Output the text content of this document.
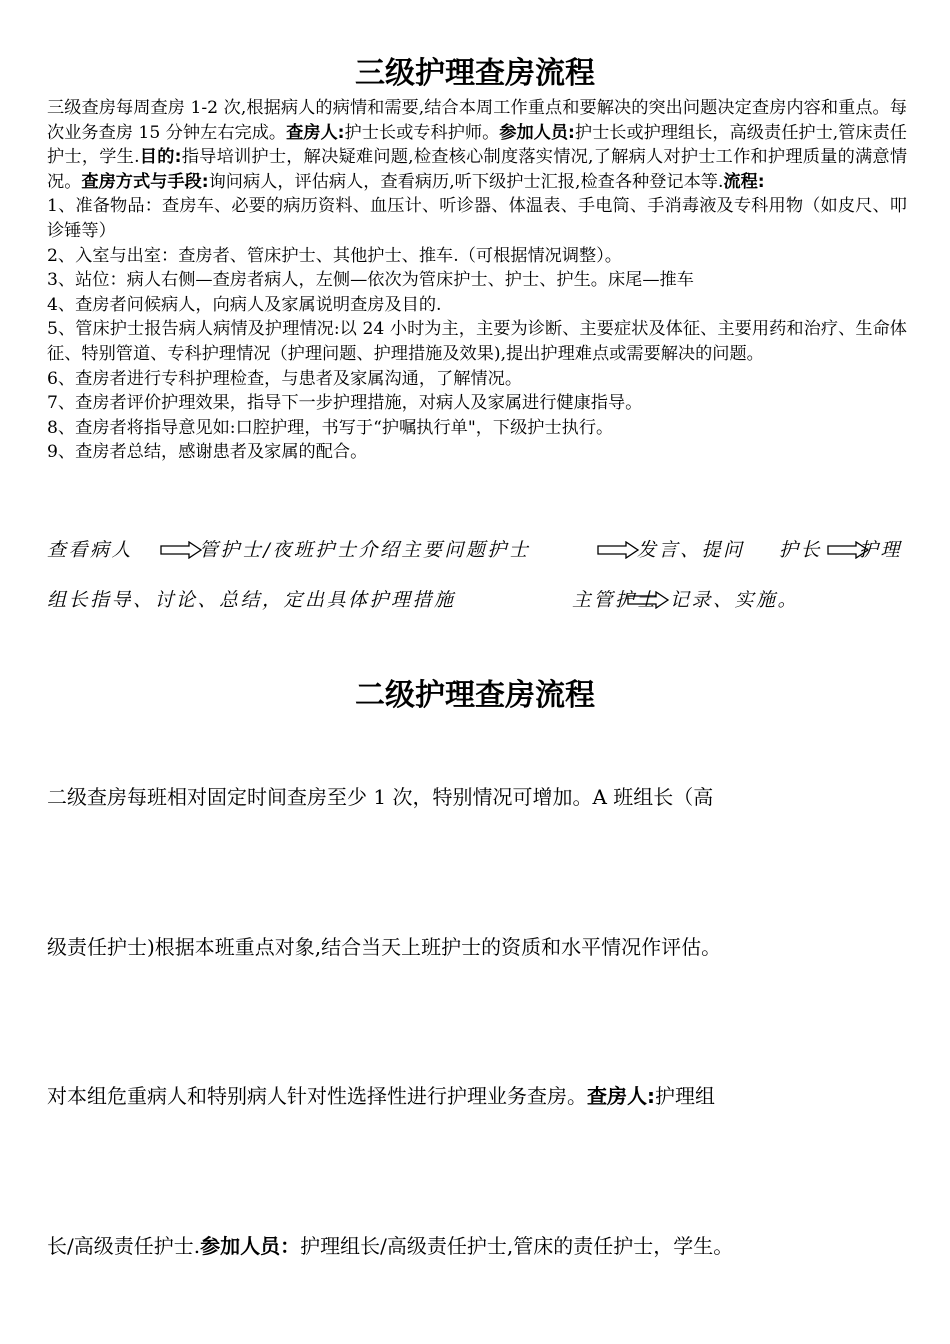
三级护理查房流程

三级查房每周查房 1-2 次,根据病人的病情和需要,结合本周工作重点和要解决的突出问题决定查房内容和重点。每次业务查房 15 分钟左右完成。查房人:护士长或专科护师。参加人员:护士长或护理组长，高级责任护士,管床责任护士，学生.目的:指导培训护士，解决疑难问题,检查核心制度落实情况,了解病人对护士工作和护理质量的满意情况。查房方式与手段:询问病人，评估病人，查看病历,听下级护士汇报,检查各种登记本等.流程:

1、准备物品：查房车、必要的病历资料、血压计、听诊器、体温表、手电筒、手消毒液及专科用物（如皮尺、叩诊锤等）
2、入室与出室：查房者、管床护士、其他护士、推车.（可根据情况调整）。
3、站位：病人右侧—查房者病人，左侧—依次为管床护士、护士、护生。床尾—推车
4、查房者问候病人，向病人及家属说明查房及目的.
5、管床护士报告病人病情及护理情况:以 24 小时为主，主要为诊断、主要症状及体征、主要用药和治疗、生命体征、特别管道、专科护理情况（护理问题、护理措施及效果),提出护理难点或需要解决的问题。
6、查房者进行专科护理检查，与患者及家属沟通，了解情况。
7、查房者评价护理效果，指导下一步护理措施，对病人及家属进行健康指导。
8、查房者将指导意见如:口腔护理，书写于“护嘱执行单"，下级护士执行。
9、查房者总结，感谢患者及家属的配合。
查看病人	管护士/夜班护士介绍主要问题护士	发言、提问 护长 护理
组长指导、讨论、总结，定出具体护理措施	主管护士 记录、实施。
二级护理查房流程
二级查房每班相对固定时间查房至少 1 次，特别情况可增加。A 班组长（高
级责任护士)根据本班重点对象,结合当天上班护士的资质和水平情况作评估。
对本组危重病人和特别病人针对性选择性进行护理业务查房。查房人:护理组
长/高级责任护士.参加人员：护理组长/高级责任护士,管床的责任护士，学生。
